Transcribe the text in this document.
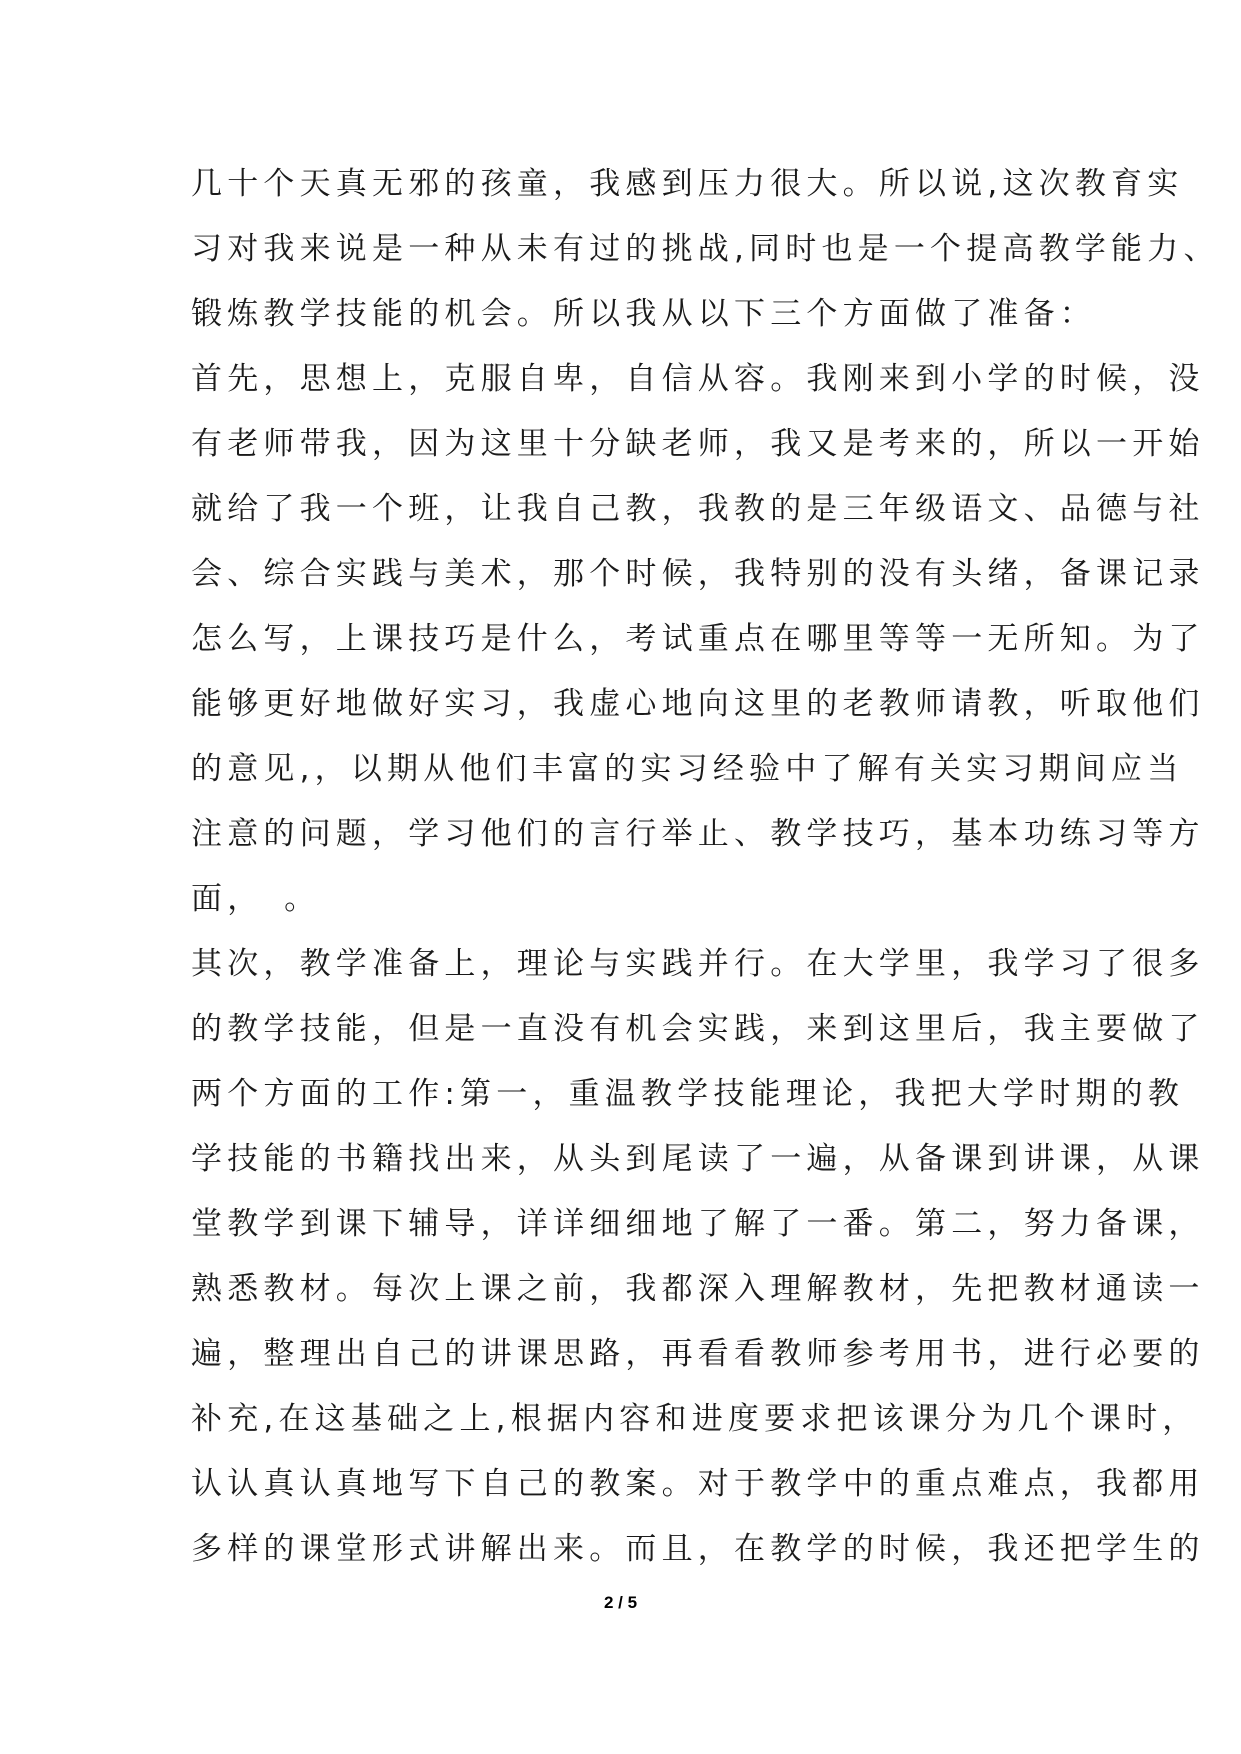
几十个天真无邪的孩童，我感到压力很大。所以说,这次教育实
习对我来说是一种从未有过的挑战,同时也是一个提高教学能力、
锻炼教学技能的机会。所以我从以下三个方面做了准备：
首先，思想上，克服自卑，自信从容。我刚来到小学的时候，没
有老师带我，因为这里十分缺老师，我又是考来的，所以一开始
就给了我一个班，让我自己教，我教的是三年级语文、品德与社
会、综合实践与美术，那个时候，我特别的没有头绪，备课记录
怎么写，上课技巧是什么，考试重点在哪里等等一无所知。为了
能够更好地做好实习，我虚心地向这里的老教师请教，听取他们
的意见,，以期从他们丰富的实习经验中了解有关实习期间应当
注意的问题，学习他们的言行举止、教学技巧，基本功练习等方
面，　。
其次，教学准备上，理论与实践并行。在大学里，我学习了很多
的教学技能，但是一直没有机会实践，来到这里后，我主要做了
两个方面的工作:第一，重温教学技能理论，我把大学时期的教
学技能的书籍找出来，从头到尾读了一遍，从备课到讲课，从课
堂教学到课下辅导，详详细细地了解了一番。第二，努力备课，
熟悉教材。每次上课之前，我都深入理解教材，先把教材通读一
遍，整理出自己的讲课思路，再看看教师参考用书，进行必要的
补充,在这基础之上,根据内容和进度要求把该课分为几个课时，
认认真认真地写下自己的教案。对于教学中的重点难点，我都用
多样的课堂形式讲解出来。而且，在教学的时候，我还把学生的
2 / 5
